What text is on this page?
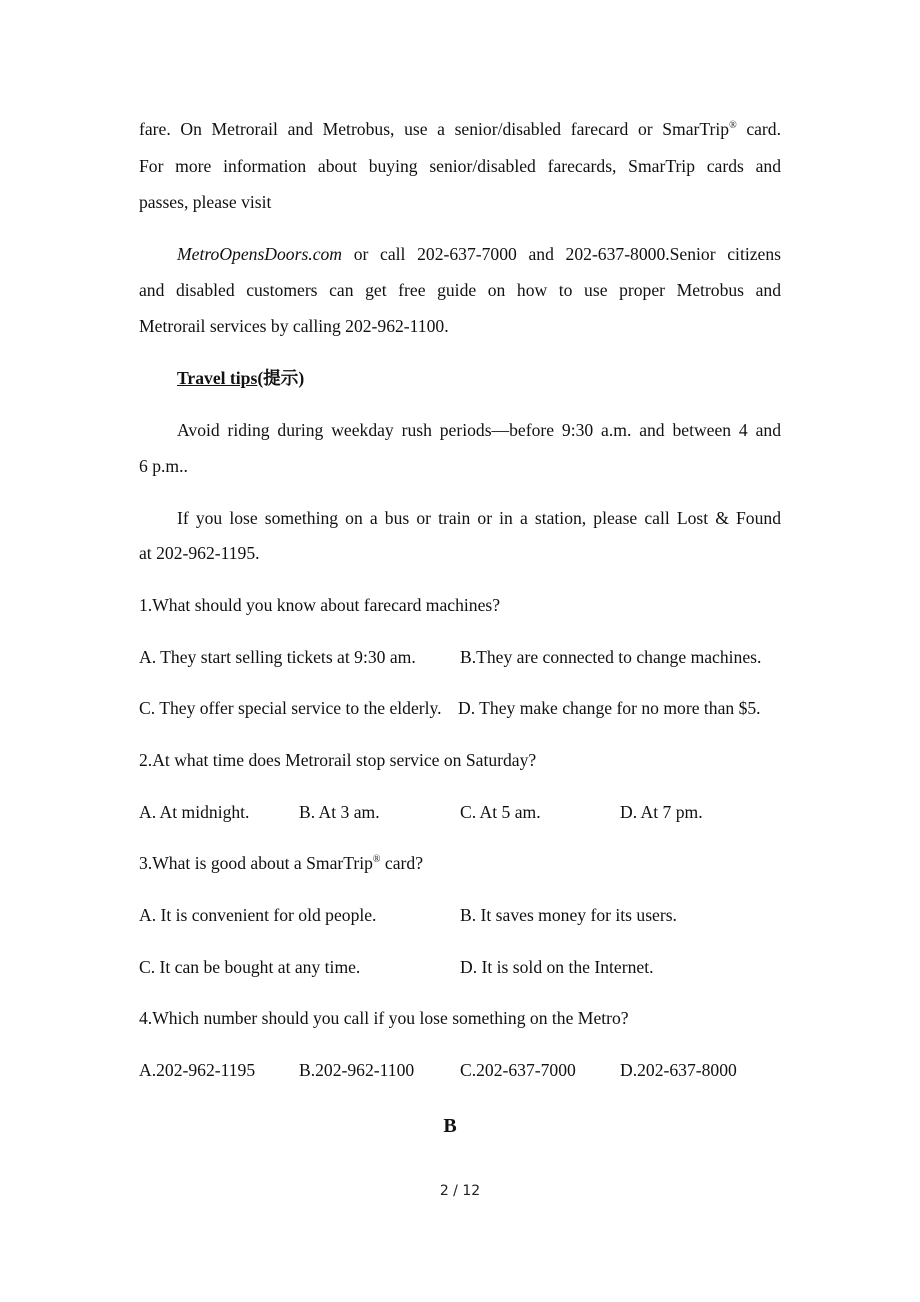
fare. On Metrorail and Metrobus, use a senior/disabled farecard or SmarTrip® card.
For more information about buying senior/disabled farecards, SmarTrip cards and
passes, please visit
MetroOpensDoors.com or call 202-637-7000 and 202-637-8000.Senior citizens
and disabled customers can get free guide on how to use proper Metrobus and
Metrorail services by calling 202-962-1100.
Travel tips(提示)
Avoid riding during weekday rush periods—before 9:30 a.m. and between 4 and
6 p.m..
If you lose something on a bus or train or in a station, please call Lost & Found
at 202-962-1195.
1.What should you know about farecard machines?
A. They start selling tickets at 9:30 am.	B.They are connected to change machines.
C. They offer special service to the elderly. D. They make change for no more than $5.
2.At what time does Metrorail stop service on Saturday?
A. At midnight.	B. At 3 am.	C. At 5 am.	D. At 7 pm.
3.What is good about a SmarTrip® card?
A. It is convenient for old people.	B. It saves money for its users.
C. It can be bought at any time.	D. It is sold on the Internet.
4.Which number should you call if you lose something on the Metro?
A.202-962-1195 B.202-962-1100	C.202-637-7000	D.202-637-8000
B
2 / 12
